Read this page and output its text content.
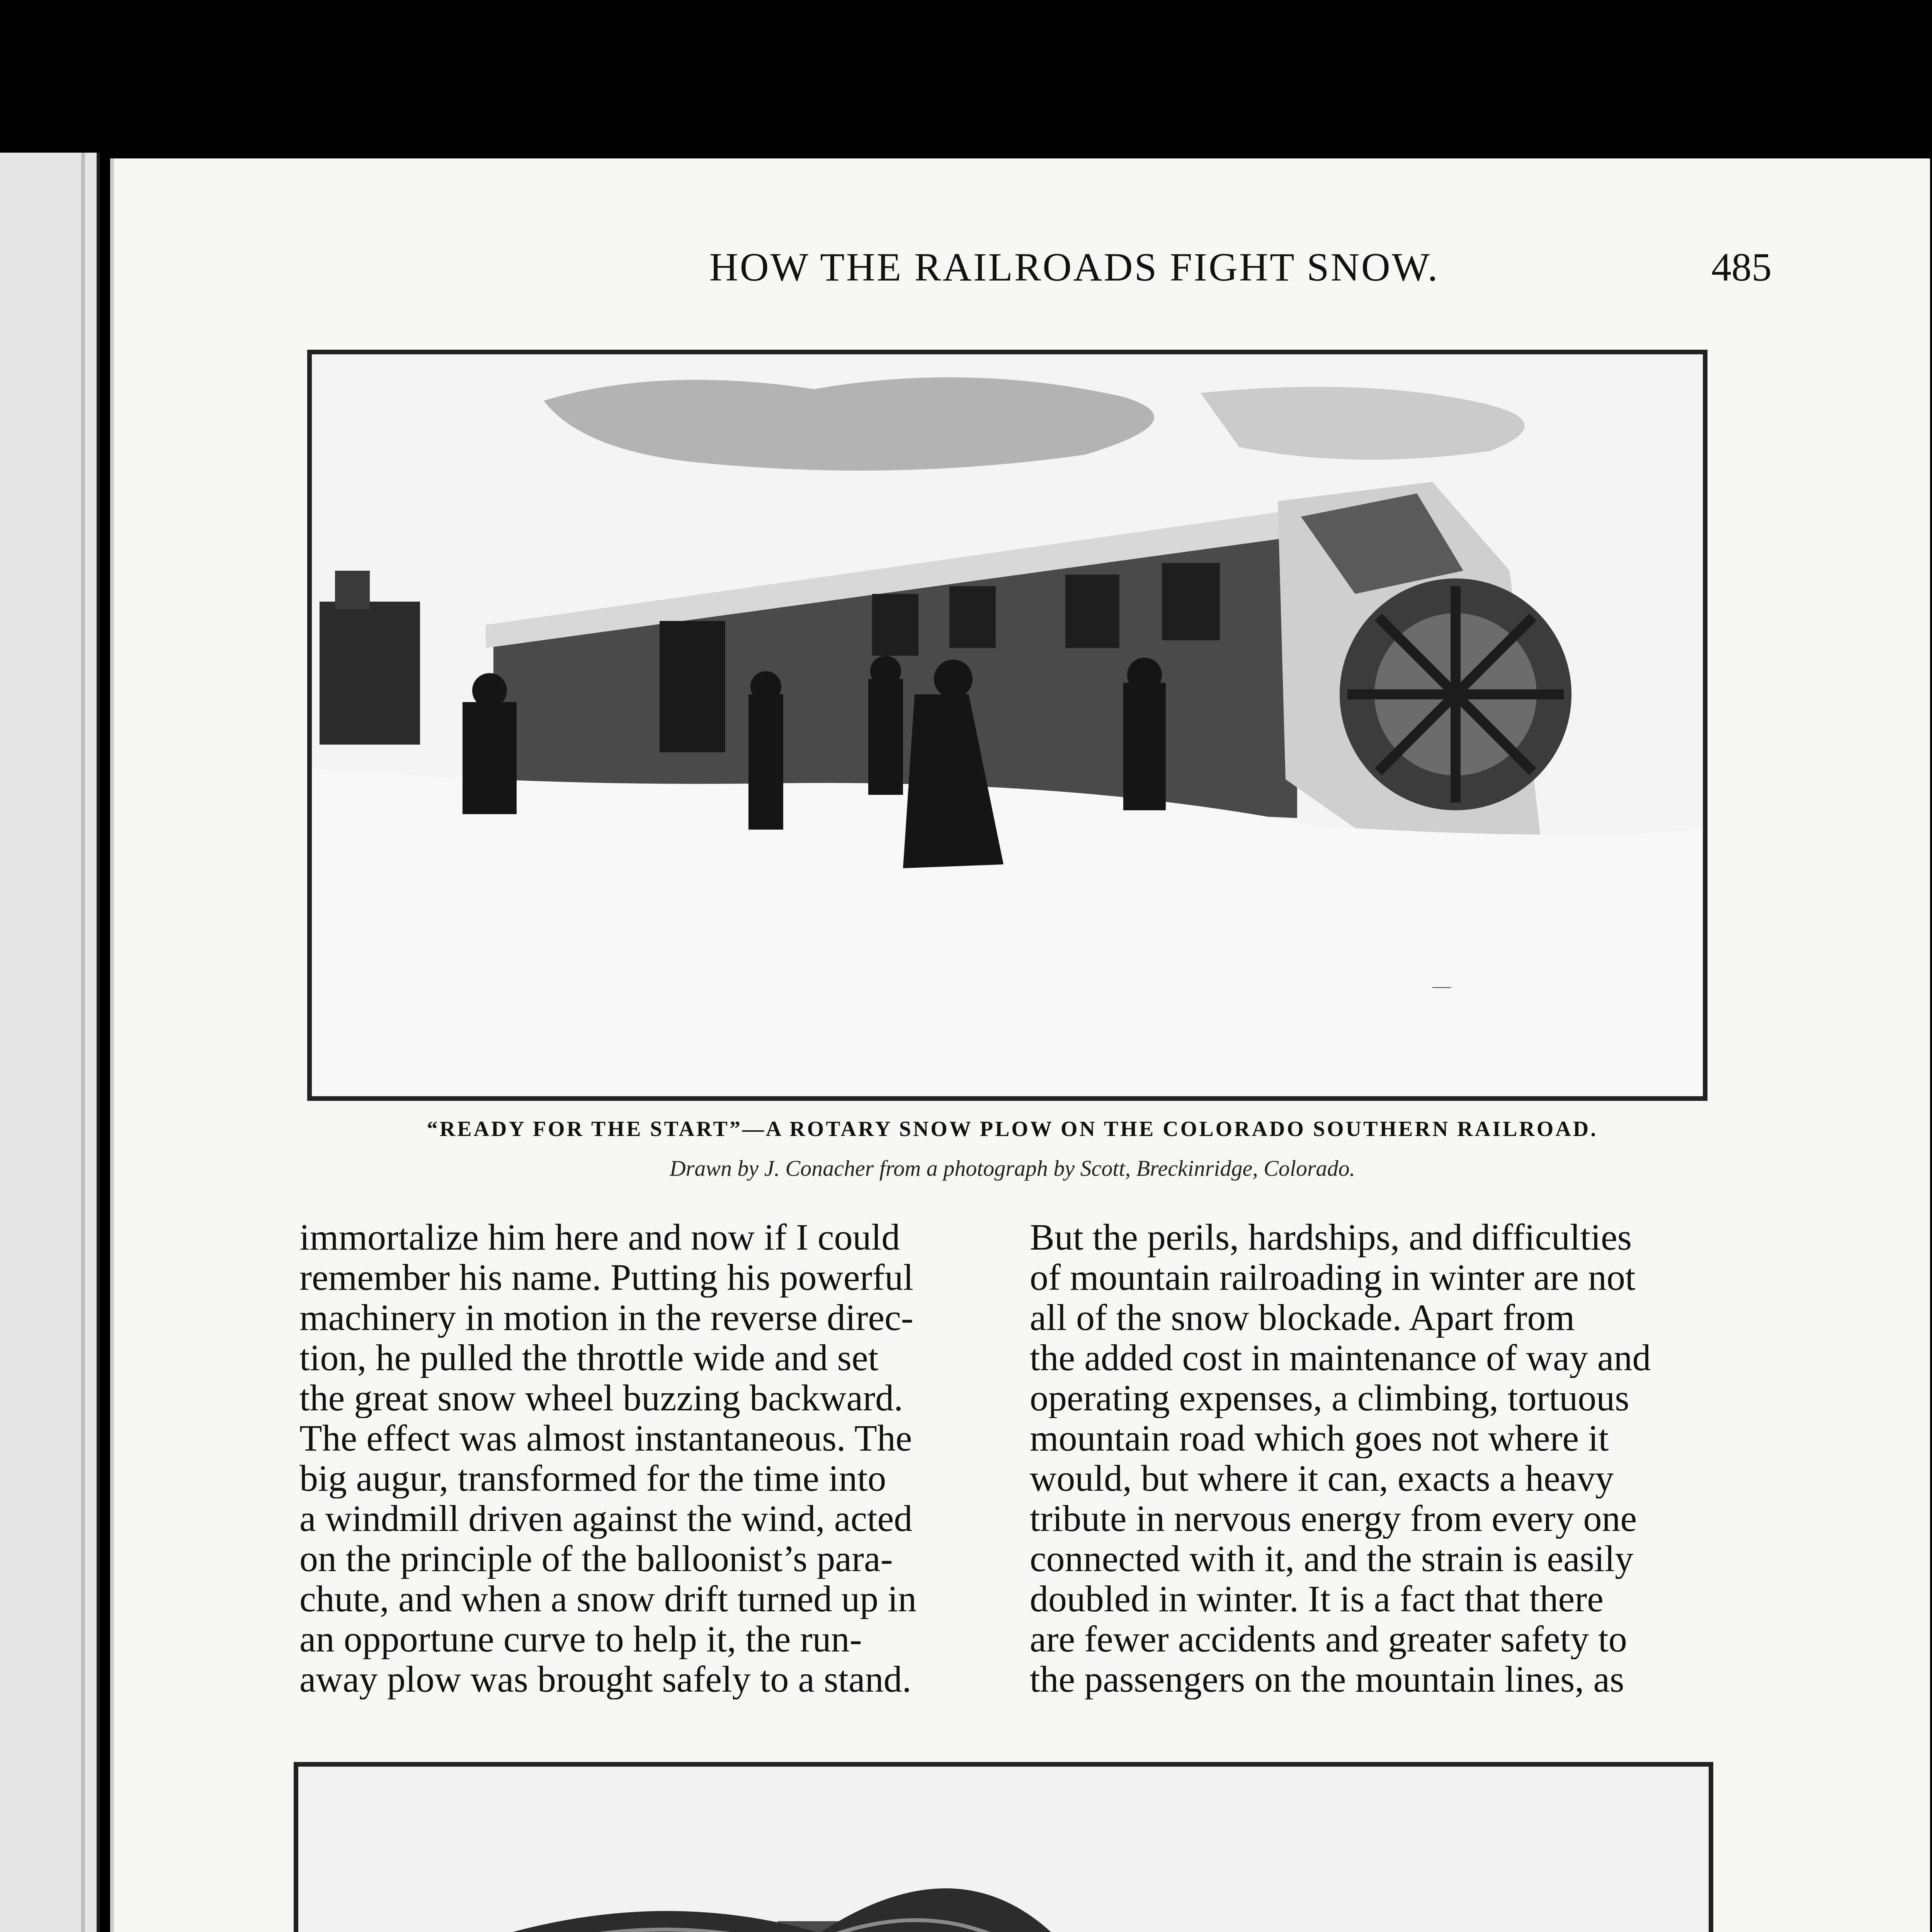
HOW THE RAILROADS FIGHT SNOW.	485
—
“READY FOR THE START”—A ROTARY SNOW PLOW ON THE COLORADO SOUTHERN RAILROAD.
Drawn by J. Conacher from a photograph by Scott, Breckinridge, Colorado.
immortalize him here and now if I could
remember his name. Putting his powerful
machinery in motion in the reverse direc-
tion, he pulled the throttle wide and set
the great snow wheel buzzing backward.
The effect was almost instantaneous. The
big augur, transformed for the time into
a windmill driven against the wind, acted
on the principle of the balloonist’s para-
chute, and when a snow drift turned up in
an opportune curve to help it, the run-
away plow was brought safely to a stand.
But the perils, hardships, and difficulties
of mountain railroading in winter are not
all of the snow blockade. Apart from
the added cost in maintenance of way and
operating expenses, a climbing, tortuous
mountain road which goes not where it
would, but where it can, exacts a heavy
tribute in nervous energy from every one
connected with it, and the strain is easily
doubled in winter. It is a fact that there
are fewer accidents and greater safety to
the passengers on the mountain lines, as
